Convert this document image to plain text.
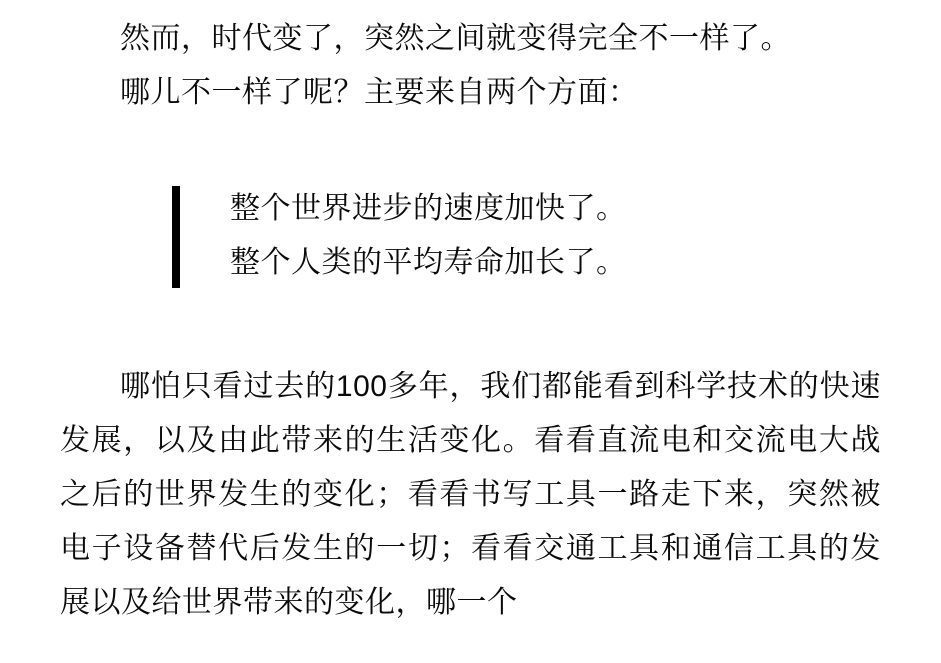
然而，时代变了，突然之间就变得完全不一样了。
哪儿不一样了呢？主要来自两个方面：
整个世界进步的速度加快了。
整个人类的平均寿命加长了。
哪怕只看过去的100多年，我们都能看到科学技术的快速发展，以及由此带来的生活变化。看看直流电和交流电大战之后的世界发生的变化；看看书写工具一路走下来，突然被电子设备替代后发生的一切；看看交通工具和通信工具的发展以及给世界带来的变化，哪一个
